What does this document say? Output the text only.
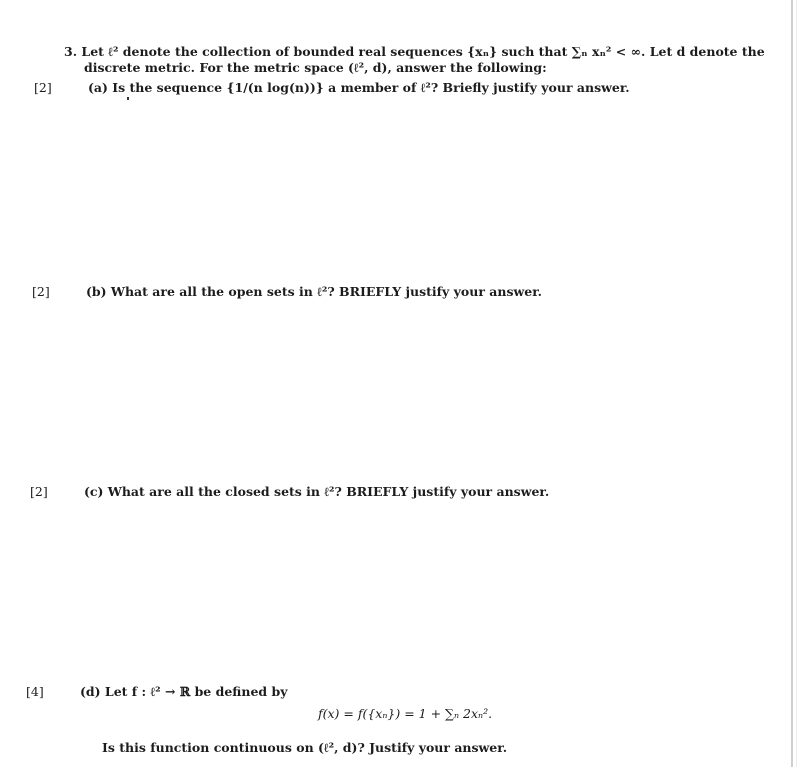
3. Let ℓ² denote the collection of bounded real sequences {xₙ} such that ∑ₙ xₙ² < ∞. Let d denote the
discrete metric. For the metric space (ℓ², d), answer the following:
[2]	(a) Is the sequence {1/(n log(n))} a member of ℓ²? Briefly justify your answer.
[2]	(b) What are all the open sets in ℓ²? BRIEFLY justify your answer.
[2]	(c) What are all the closed sets in ℓ²? BRIEFLY justify your answer.
[4]	(d) Let f : ℓ² → ℝ be defined by
f(x) = f({xₙ}) = 1 + ∑ₙ 2xₙ².
Is this function continuous on (ℓ², d)? Justify your answer.
